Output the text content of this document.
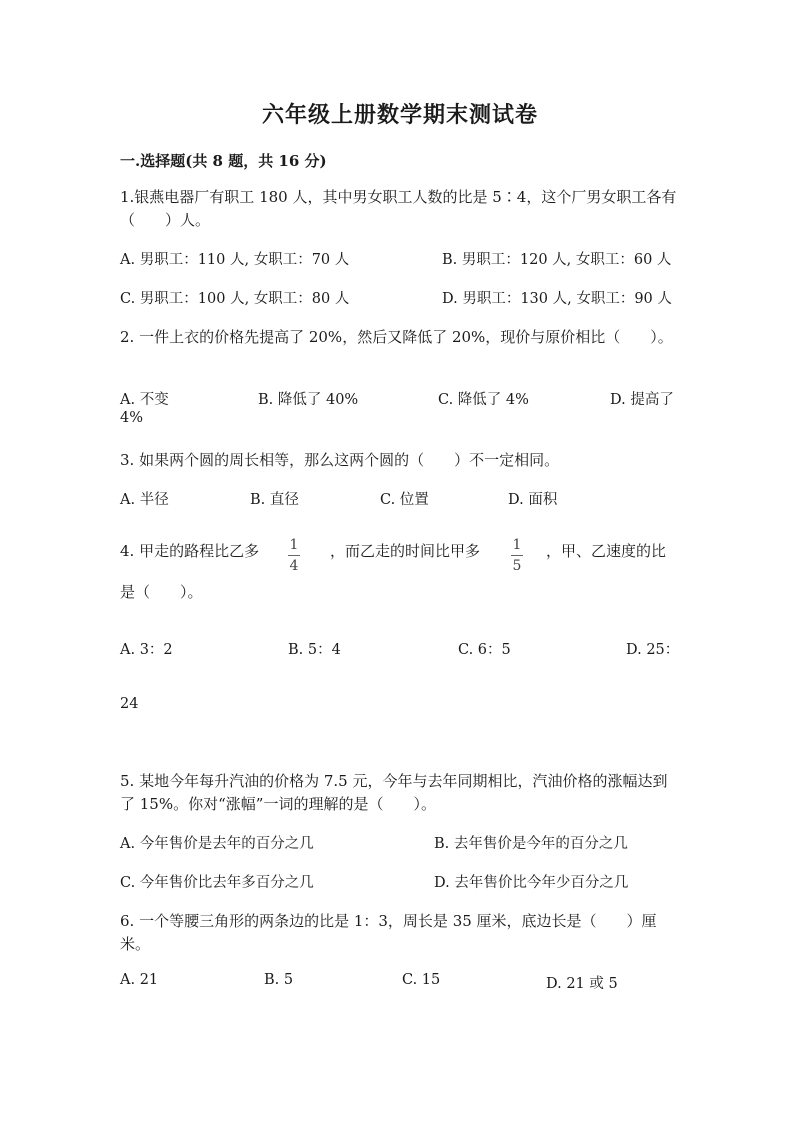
六年级上册数学期末测试卷
一.选择题(共 8 题，共 16 分)
1.银燕电器厂有职工 180 人，其中男女职工人数的比是 5∶4，这个厂男女职工各有（　　）人。
A. 男职工：110 人, 女职工：70 人	B. 男职工：120 人, 女职工：60 人
C. 男职工：100 人, 女职工：80 人	D. 男职工：130 人, 女职工：90 人
2. 一件上衣的价格先提高了 20%，然后又降低了 20%，现价与原价相比（　　）。
A. 不变	B. 降低了 40%	C. 降低了 4%	D. 提高了
4%
3. 如果两个圆的周长相等，那么这两个圆的（　　）不一定相同。
A. 半径	B. 直径	C. 位置	D. 面积
4. 甲走的路程比乙多 1
4
，而乙走的时间比甲多 1
5
，甲、乙速度的比
是（　　）。
A. 3：2	B. 5：4	C. 6：5	D. 25：
24
5. 某地今年每升汽油的价格为 7.5 元，今年与去年同期相比，汽油价格的涨幅达到了 15%。你对“涨幅”一词的理解的是（　　）。
A. 今年售价是去年的百分之几	B. 去年售价是今年的百分之几
C. 今年售价比去年多百分之几	D. 去年售价比今年少百分之几
6. 一个等腰三角形的两条边的比是 1：3，周长是 35 厘米，底边长是（　　）厘米。
A. 21	B. 5	C. 15	D. 21 或 5
